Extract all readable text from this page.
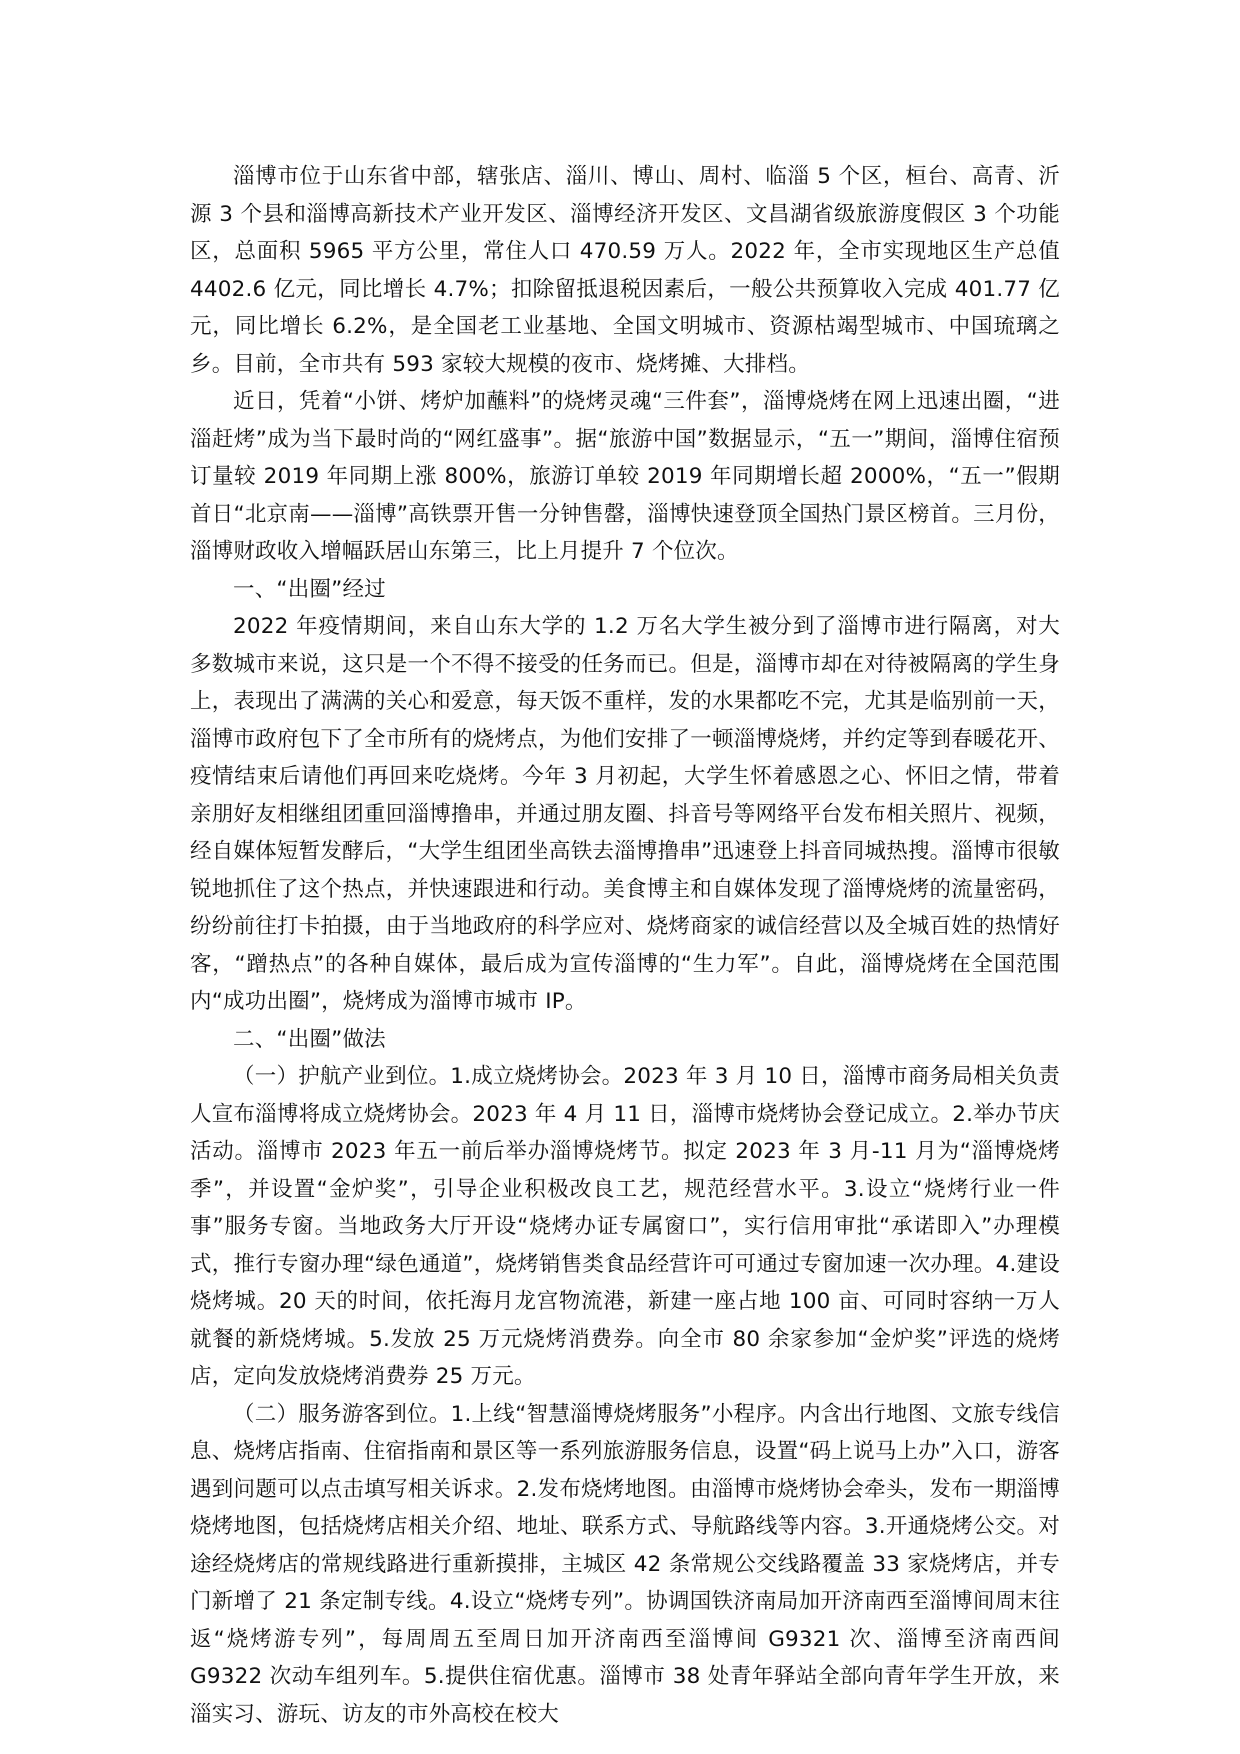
淄博市位于山东省中部，辖张店、淄川、博山、周村、临淄 5 个区，桓台、高青、沂源 3 个县和淄博高新技术产业开发区、淄博经济开发区、文昌湖省级旅游度假区 3 个功能区，总面积 5965 平方公里，常住人口 470.59 万人。2022 年，全市实现地区生产总值 4402.6 亿元，同比增长 4.7%；扣除留抵退税因素后，一般公共预算收入完成 401.77 亿元，同比增长 6.2%，是全国老工业基地、全国文明城市、资源枯竭型城市、中国琉璃之乡。目前，全市共有 593 家较大规模的夜市、烧烤摊、大排档。

近日，凭着“小饼、烤炉加蘸料”的烧烤灵魂“三件套”，淄博烧烤在网上迅速出圈，“进淄赶烤”成为当下最时尚的“网红盛事”。据“旅游中国”数据显示，“五一”期间，淄博住宿预订量较 2019 年同期上涨 800%，旅游订单较 2019 年同期增长超 2000%，“五一”假期首日“北京南——淄博”高铁票开售一分钟售罄，淄博快速登顶全国热门景区榜首。三月份，淄博财政收入增幅跃居山东第三，比上月提升 7 个位次。

一、“出圈”经过

2022 年疫情期间，来自山东大学的 1.2 万名大学生被分到了淄博市进行隔离，对大多数城市来说，这只是一个不得不接受的任务而已。但是，淄博市却在对待被隔离的学生身上，表现出了满满的关心和爱意，每天饭不重样，发的水果都吃不完，尤其是临别前一天，淄博市政府包下了全市所有的烧烤点，为他们安排了一顿淄博烧烤，并约定等到春暖花开、疫情结束后请他们再回来吃烧烤。今年 3 月初起，大学生怀着感恩之心、怀旧之情，带着亲朋好友相继组团重回淄博撸串，并通过朋友圈、抖音号等网络平台发布相关照片、视频，经自媒体短暂发酵后，“大学生组团坐高铁去淄博撸串”迅速登上抖音同城热搜。淄博市很敏锐地抓住了这个热点，并快速跟进和行动。美食博主和自媒体发现了淄博烧烤的流量密码，纷纷前往打卡拍摄，由于当地政府的科学应对、烧烤商家的诚信经营以及全城百姓的热情好客，“蹭热点”的各种自媒体，最后成为宣传淄博的“生力军”。自此，淄博烧烤在全国范围内“成功出圈”，烧烤成为淄博市城市 IP。

二、“出圈”做法

（一）护航产业到位。1.成立烧烤协会。2023 年 3 月 10 日，淄博市商务局相关负责人宣布淄博将成立烧烤协会。2023 年 4 月 11 日，淄博市烧烤协会登记成立。2.举办节庆活动。淄博市 2023 年五一前后举办淄博烧烤节。拟定 2023 年 3 月-11 月为“淄博烧烤季”，并设置“金炉奖”，引导企业积极改良工艺，规范经营水平。3.设立“烧烤行业一件事”服务专窗。当地政务大厅开设“烧烤办证专属窗口”，实行信用审批“承诺即入”办理模式，推行专窗办理“绿色通道”，烧烤销售类食品经营许可可通过专窗加速一次办理。4.建设烧烤城。20 天的时间，依托海月龙宫物流港，新建一座占地 100 亩、可同时容纳一万人就餐的新烧烤城。5.发放 25 万元烧烤消费券。向全市 80 余家参加“金炉奖”评选的烧烤店，定向发放烧烤消费券 25 万元。

（二）服务游客到位。1.上线“智慧淄博烧烤服务”小程序。内含出行地图、文旅专线信息、烧烤店指南、住宿指南和景区等一系列旅游服务信息，设置“码上说马上办”入口，游客遇到问题可以点击填写相关诉求。2.发布烧烤地图。由淄博市烧烤协会牵头，发布一期淄博烧烤地图，包括烧烤店相关介绍、地址、联系方式、导航路线等内容。3.开通烧烤公交。对途经烧烤店的常规线路进行重新摸排，主城区 42 条常规公交线路覆盖 33 家烧烤店，并专门新增了 21 条定制专线。4.设立“烧烤专列”。协调国铁济南局加开济南西至淄博间周末往返“烧烤游专列”，每周周五至周日加开济南西至淄博间 G9321 次、淄博至济南西间 G9322 次动车组列车。5.提供住宿优惠。淄博市 38 处青年驿站全部向青年学生开放，来淄实习、游玩、访友的市外高校在校大
